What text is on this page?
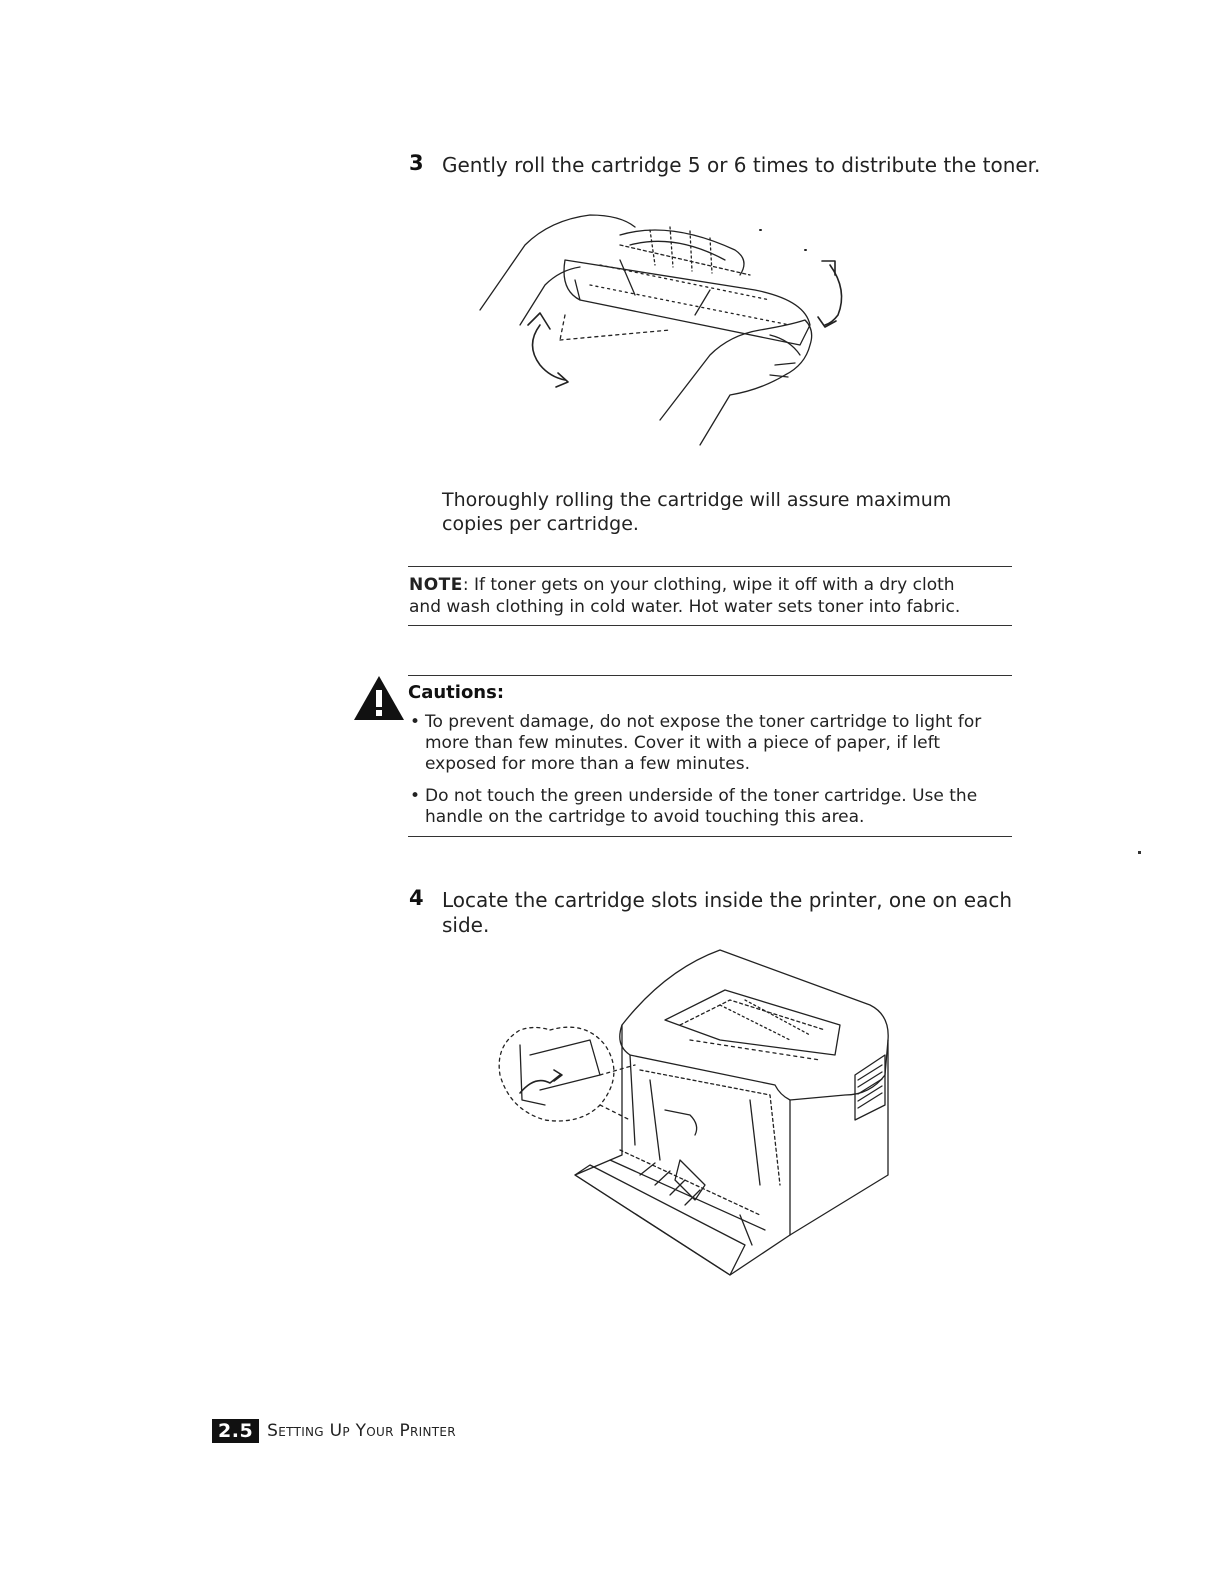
3 Gently roll the cartridge 5 or 6 times to distribute the toner.
Thoroughly rolling the cartridge will assure maximum
copies per cartridge.
NOTE: If toner gets on your clothing, wipe it off with a dry cloth
and wash clothing in cold water. Hot water sets toner into fabric.
Cautions:
• To prevent damage, do not expose the toner cartridge to light for
more than few minutes. Cover it with a piece of paper, if left
exposed for more than a few minutes.
• Do not touch the green underside of the toner cartridge. Use the
handle on the cartridge to avoid touching this area.
4 Locate the cartridge slots inside the printer, one on each
side.
2.5 Setting Up Your Printer
